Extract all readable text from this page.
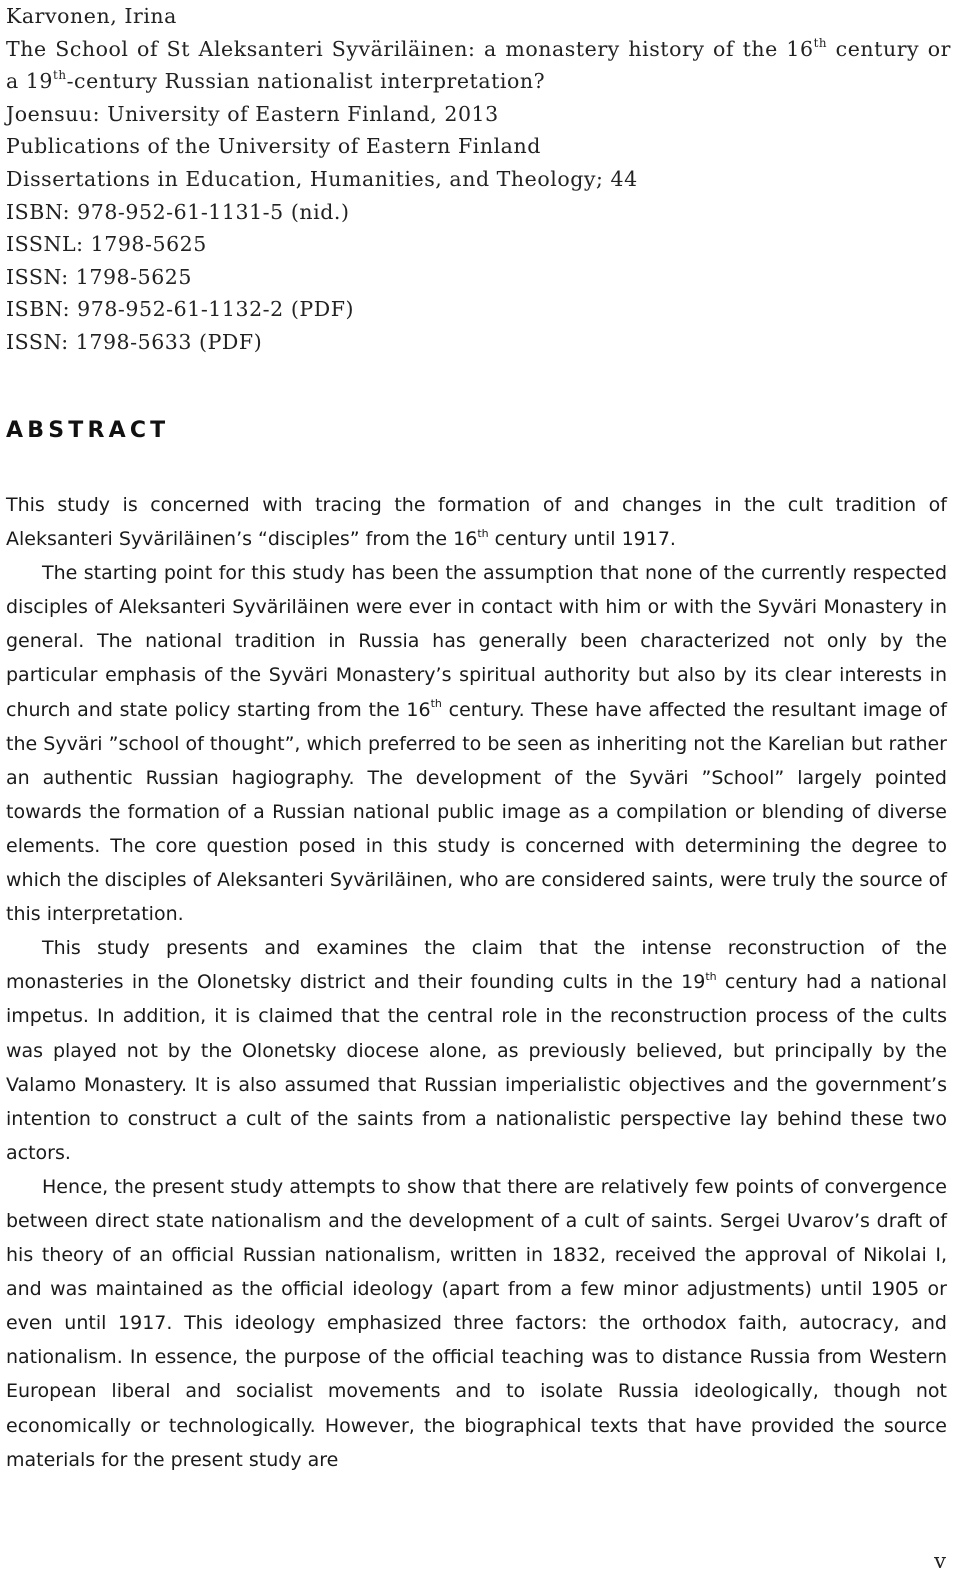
Karvonen, Irina
The School of St Aleksanteri Syväriläinen: a monastery history of the 16th century or a 19th-century Russian nationalist interpretation?
Joensuu: University of Eastern Finland, 2013
Publications of the University of Eastern Finland
Dissertations in Education, Humanities, and Theology; 44
ISBN: 978-952-61-1131-5 (nid.)
ISSNL: 1798-5625
ISSN: 1798-5625
ISBN: 978-952-61-1132-2 (PDF)
ISSN: 1798-5633 (PDF)
ABSTRACT

This study is concerned with tracing the formation of and changes in the cult tradition of Aleksanteri Syväriläinen’s “disciples” from the 16th century until 1917.

The starting point for this study has been the assumption that none of the currently respected disciples of Aleksanteri Syväriläinen were ever in contact with him or with the Syväri Monastery in general. The national tradition in Russia has generally been characterized not only by the particular emphasis of the Syväri Monastery’s spiritual authority but also by its clear interests in church and state policy starting from the 16th century. These have affected the resultant image of the Syväri ”school of thought”, which preferred to be seen as inheriting not the Karelian but rather an authentic Russian hagiography. The development of the Syväri ”School” largely pointed towards the formation of a Russian national public image as a compilation or blending of diverse elements. The core question posed in this study is concerned with determining the degree to which the disciples of Aleksanteri Syväriläinen, who are considered saints, were truly the source of this interpretation.

This study presents and examines the claim that the intense reconstruction of the monasteries in the Olonetsky district and their founding cults in the 19th century had a national impetus. In addition, it is claimed that the central role in the reconstruction process of the cults was played not by the Olonetsky diocese alone, as previously believed, but principally by the Valamo Monastery. It is also assumed that Russian imperialistic objectives and the government’s intention to construct a cult of the saints from a nationalistic perspective lay behind these two actors.

Hence, the present study attempts to show that there are relatively few points of convergence between direct state nationalism and the development of a cult of saints. Sergei Uvarov’s draft of his theory of an official Russian nationalism, written in 1832, received the approval of Nikolai I, and was maintained as the official ideology (apart from a few minor adjustments) until 1905 or even until 1917. This ideology emphasized three factors: the orthodox faith, autocracy, and nationalism. In essence, the purpose of the official teaching was to distance Russia from Western European liberal and socialist movements and to isolate Russia ideologically, though not economically or technologically. However, the biographical texts that have provided the source materials for the present study are

v
